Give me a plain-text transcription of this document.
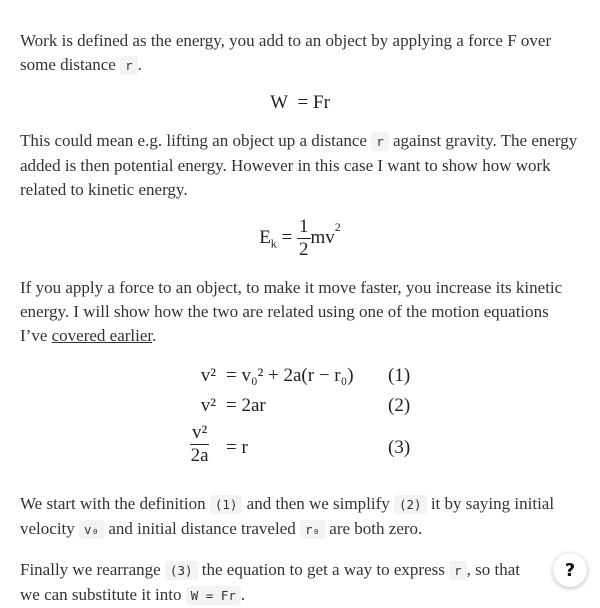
Work is defined as the energy, you add to an object by applying a force F over some distance r .

W = Fr

This could mean e.g. lifting an object up a distance r against gravity. The energy added is then potential energy. However in this case I want to show how work related to kinetic energy.

$E_k = \frac{1}{2} mv^2$

If you apply a force to an object, to make it move faster, you increase its kinetic energy. I will show how the two are related using one of the motion equations I’ve covered earlier.

v² = v₀² + 2a(r − r₀) (1)
v² = 2ar	(2)
$\frac{\text{v²}}{2a} = r$	(3)

We start with the definition (1) and then we simplify (2) it by saying initial velocity v₀ and initial distance traveled r₀ are both zero.

Finally we rearrange (3) the equation to get a way to express r , so that we can substitute it into W = Fr .

?
